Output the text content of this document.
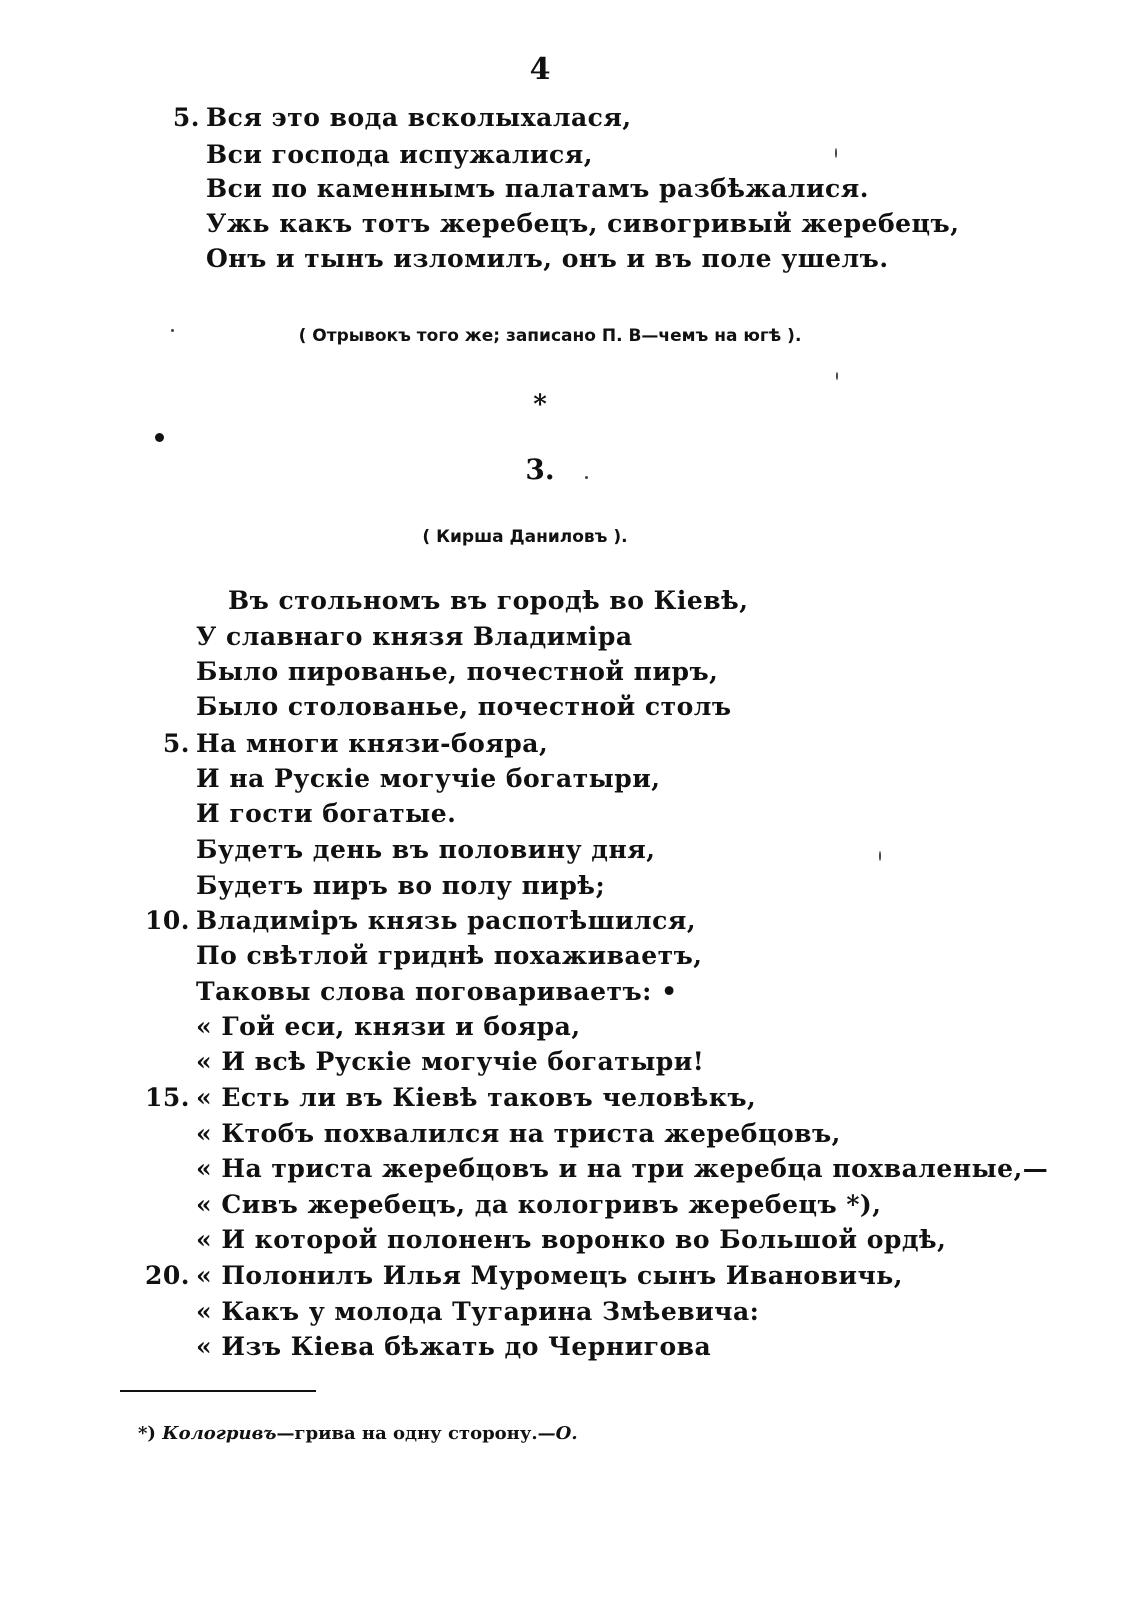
4
5. Вся это вода всколыхалася,
Вси господа испужалися,
Вси по каменнымъ палатамъ разбѣжалися.
Ужь какъ тотъ жеребецъ, сивогривый жеребецъ,
Онъ и тынъ изломилъ, онъ и въ поле ушелъ.
( Отрывокъ того же; записано П. В—чемъ на югѣ ).
*
3.
( Кирша Даниловъ ).
Въ стольномъ въ городѣ во Кіевѣ,
У славнаго князя Владиміра
Было пированье, почестной пиръ,
Было столованье, почестной столъ
5. На многи князи-бояра,
И на Рускіе могучіе богатыри,
И гости богатые.
Будетъ день въ половину дня,
Будетъ пиръ во полу пирѣ;
10. Владиміръ князь распотѣшился,
По свѣтлой гриднѣ похаживаетъ,
Таковы слова поговариваетъ: •
« Гой еси, князи и бояра,
« И всѣ Рускіе могучіе богатыри!
15. « Есть ли въ Кіевѣ таковъ человѣкъ,
« Ктобъ похвалился на триста жеребцовъ,
« На триста жеребцовъ и на три жеребца похваленые,—
« Сивъ жеребецъ, да кологривъ жеребецъ *),
« И которой полоненъ воронко во Большой ордѣ,
20. « Полонилъ Илья Муромецъ сынъ Ивановичь,
« Какъ у молода Тугарина Змѣевича:
« Изъ Кіева бѣжать до Чернигова
*) Кологривъ—грива на одну сторону.—О.
